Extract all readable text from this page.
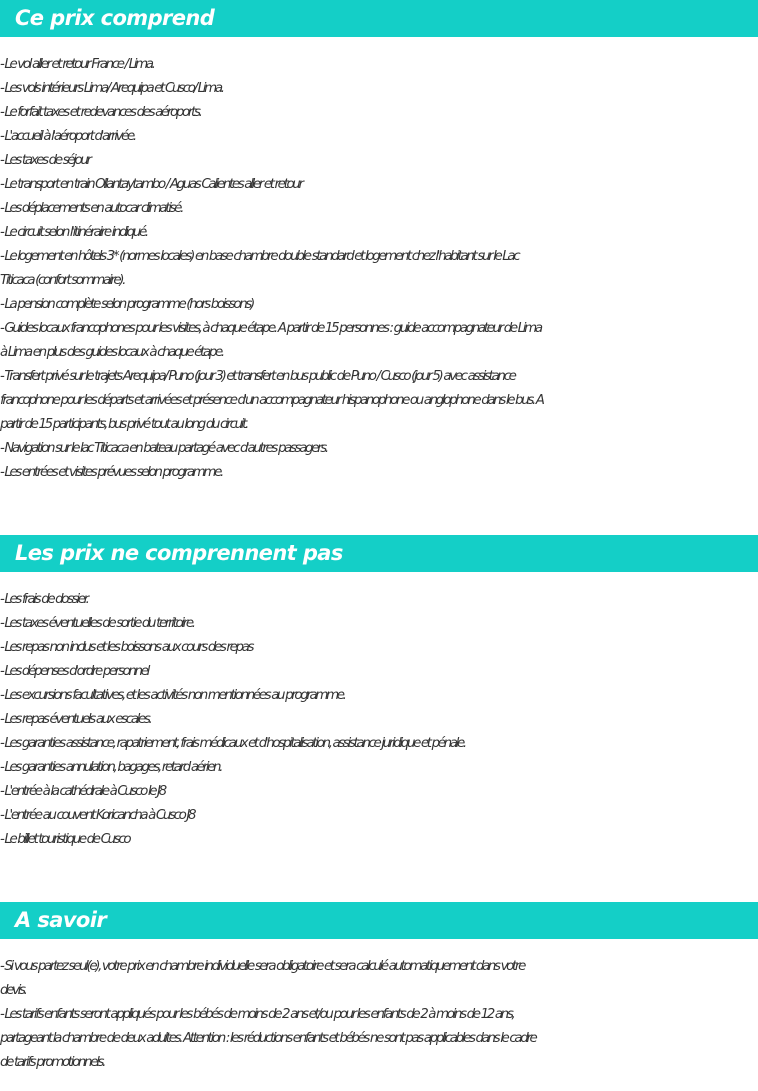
Ce prix comprend
- Le vol aller et retour France / Lima.
- Les vols intérieurs Lima/ Arequipa et Cusco/ Lima.
- Le forfait taxes et redevances des aéroports.
- L'accueil à l'aéroport d'arrivée.
- Les taxes de séjour
- Le transport en train Ollantaytambo / Aguas Calientes aller et retour
- Les déplacements en autocar climatisé.
- Le circuit selon l'itinéraire indiqué.
- Le logement en hôtels 3* (normes locales) en base chambre double standard et logement chez l'habitant sur le Lac
Titicaca (confort sommaire).
- La pension complète selon programme (hors boissons)
- Guides locaux francophones pour les visites, à chaque étape. A partir de 15 personnes : guide accompagnateur de Lima
à Lima en plus des guides locaux à chaque étape.
- Transfert privé sur le trajets Arequipa/ Puno (jour 3) et transfert en bus public de Puno / Cusco (jour 5) avec assistance
francophone pour les départs et arrivées et présence d'un accompagnateur hispanophone ou anglophone dans le bus. A
partir de 15 participants, bus privé tout au long du circuit.
- Navigation sur le lac Titicaca en bateau partagé avec d'autres passagers.
- Les entrées et visites prévues selon programme.
Les prix ne comprennent pas
- Les frais de dossier.
- Les taxes éventuelles de sortie du territoire.
- Les repas non inclus et les boissons aux cours des repas
- Les dépenses d'ordre personnel
- Les excursions facultatives, et les activités non mentionnées au programme.
- Les repas éventuels aux escales.
- Les garanties assistance, rapatriement, frais médicaux et d'hospitalisation, assistance juridique et pénale.
- Les garanties annulation, bagages, retard aérien.
- L'entrée à la cathédrale à Cusco le J8
- L'entrée au couvent Koricancha à Cusco J8
- Le billet touristique de Cusco
A savoir
- Si vous partez seul(e), votre prix en chambre individuelle sera obligatoire et sera calculé automatiquement dans votre
devis.
- Les tarifs enfants seront appliqués pour les bébés de moins de 2 ans et/ou pour les enfants de 2 à moins de 12 ans,
partageant la chambre de deux adultes. Attention : les réductions enfants et bébés ne sont pas applicables dans le cadre
de tarifs promotionnels.
